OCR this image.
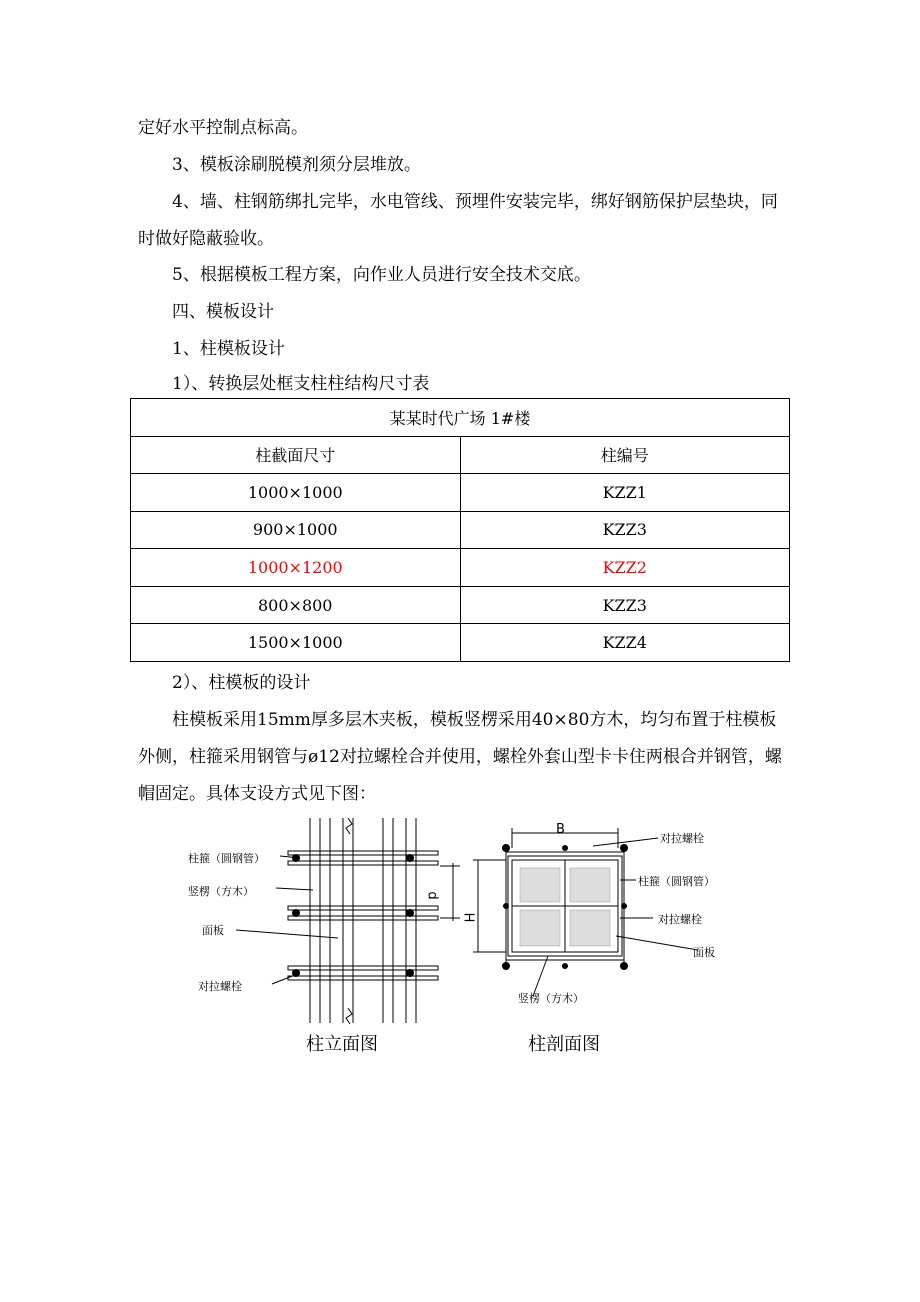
定好水平控制点标高。

3、模板涂刷脱模剂须分层堆放。

4、墙、柱钢筋绑扎完毕，水电管线、预埋件安装完毕，绑好钢筋保护层垫块，同时做好隐蔽验收。

5、根据模板工程方案，向作业人员进行安全技术交底。

四、模板设计

1、柱模板设计

1）、转换层处框支柱柱结构尺寸表

某某时代广场 1#楼	
柱截面尺寸	柱编号
1000×1000	KZZ1
900×1000	KZZ3
1000×1200	KZZ2
800×800	KZZ3
1500×1000	KZZ4

2）、柱模板的设计

柱模板采用15mm厚多层木夹板，模板竖楞采用40×80方木，均匀布置于柱模板外侧，柱箍采用钢管与ø12对拉螺栓合并使用，螺栓外套山型卡卡住两根合并钢管，螺帽固定。具体支设方式见下图：

柱箍（圆钢管）
竖楞（方木）
面板
对拉螺栓
d
B
H
对拉螺栓
柱箍（圆钢管）
对拉螺栓
面板
竖楞（方木）
柱立面图	柱剖面图
